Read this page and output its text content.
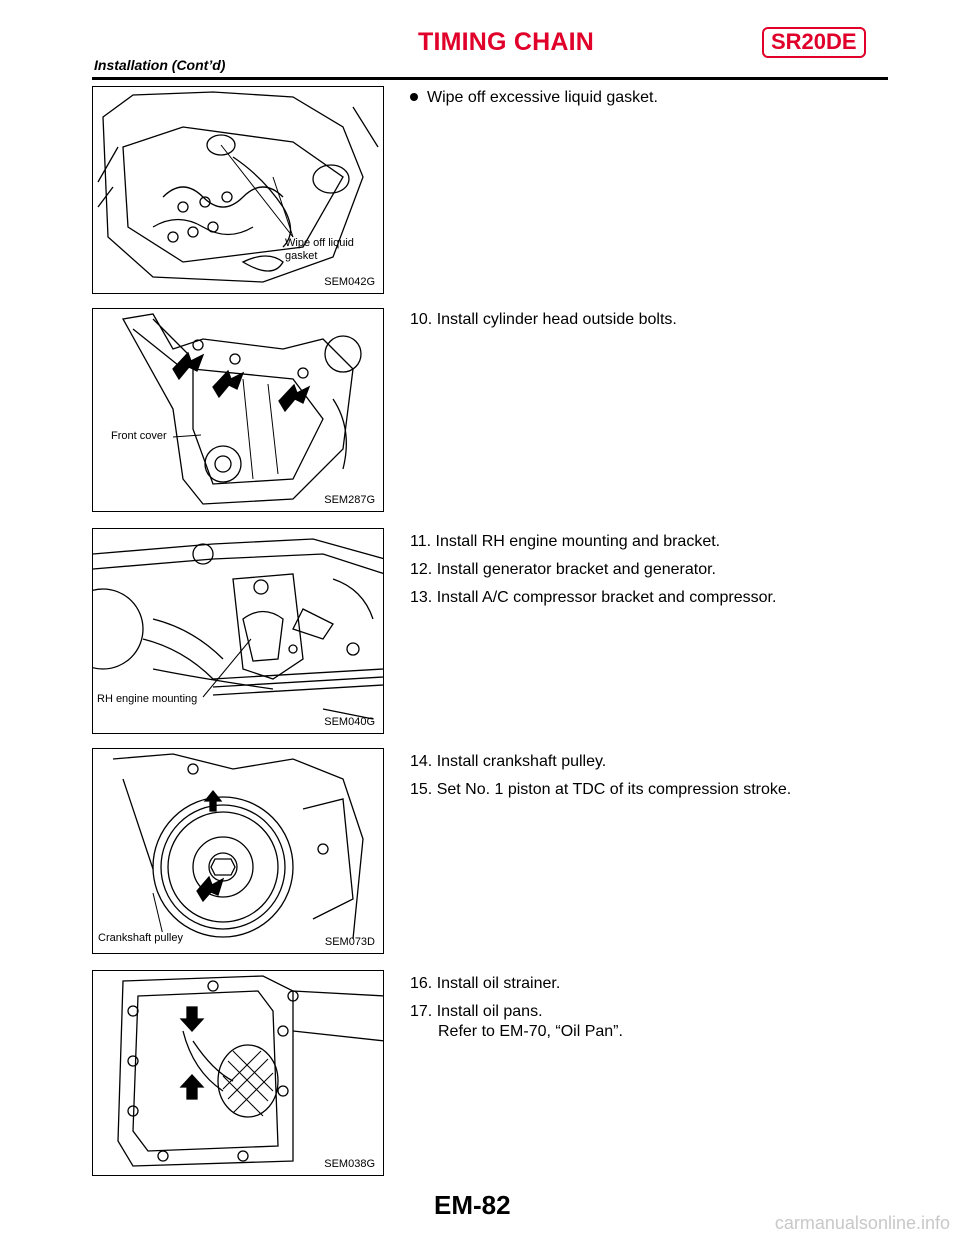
TIMING CHAIN	SR20DE
Installation (Cont’d)
Wipe off liquid
gasket
SEM042G
Front cover
SEM287G
RH engine mounting
SEM040G
Crankshaft pulley	SEM073D
SEM038G
Wipe off excessive liquid gasket.
10. Install cylinder head outside bolts.
11. Install RH engine mounting and bracket.
12. Install generator bracket and generator.
13. Install A/C compressor bracket and compressor.
14. Install crankshaft pulley.
15. Set No. 1 piston at TDC of its compression stroke.
16. Install oil strainer.
17. Install oil pans.
Refer to EM-70, “Oil Pan”.
EM-82
carmanualsonline.info
